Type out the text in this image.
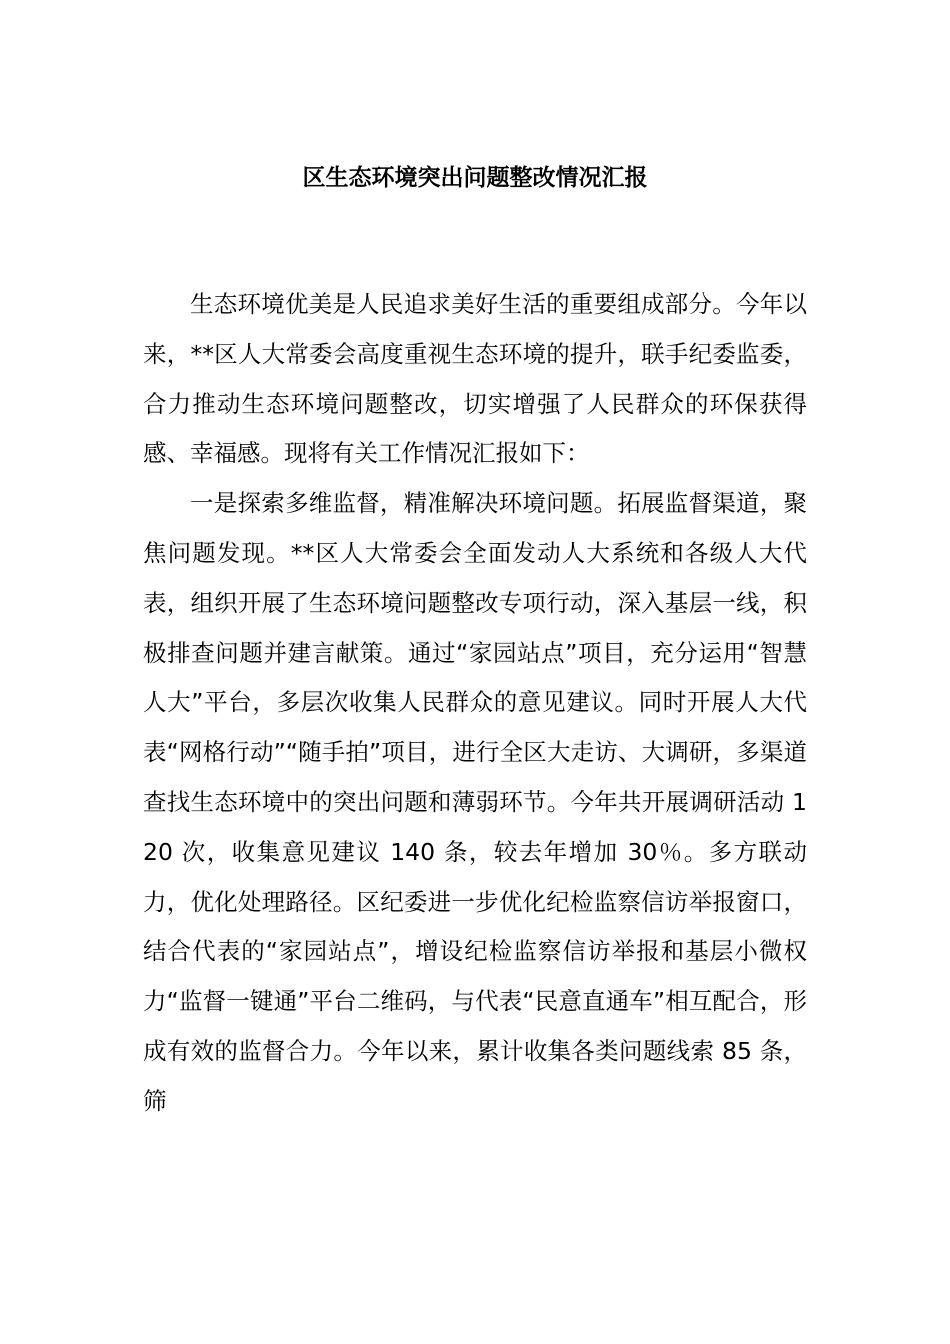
区生态环境突出问题整改情况汇报

生态环境优美是人民追求美好生活的重要组成部分。今年以来，**区人大常委会高度重视生态环境的提升，联手纪委监委，合力推动生态环境问题整改，切实增强了人民群众的环保获得感、幸福感。现将有关工作情况汇报如下：

一是探索多维监督，精准解决环境问题。拓展监督渠道，聚焦问题发现。**区人大常委会全面发动人大系统和各级人大代表，组织开展了生态环境问题整改专项行动，深入基层一线，积极排查问题并建言献策。通过“家园站点”项目，充分运用“智慧人大”平台，多层次收集人民群众的意见建议。同时开展人大代表“网格行动”“随手拍”项目，进行全区大走访、大调研，多渠道查找生态环境中的突出问题和薄弱环节。今年共开展调研活动 120 次，收集意见建议 140 条，较去年增加 30％。多方联动力，优化处理路径。区纪委进一步优化纪检监察信访举报窗口，结合代表的“家园站点”，增设纪检监察信访举报和基层小微权力“监督一键通”平台二维码，与代表“民意直通车”相互配合，形成有效的监督合力。今年以来，累计收集各类问题线索 85 条，筛
